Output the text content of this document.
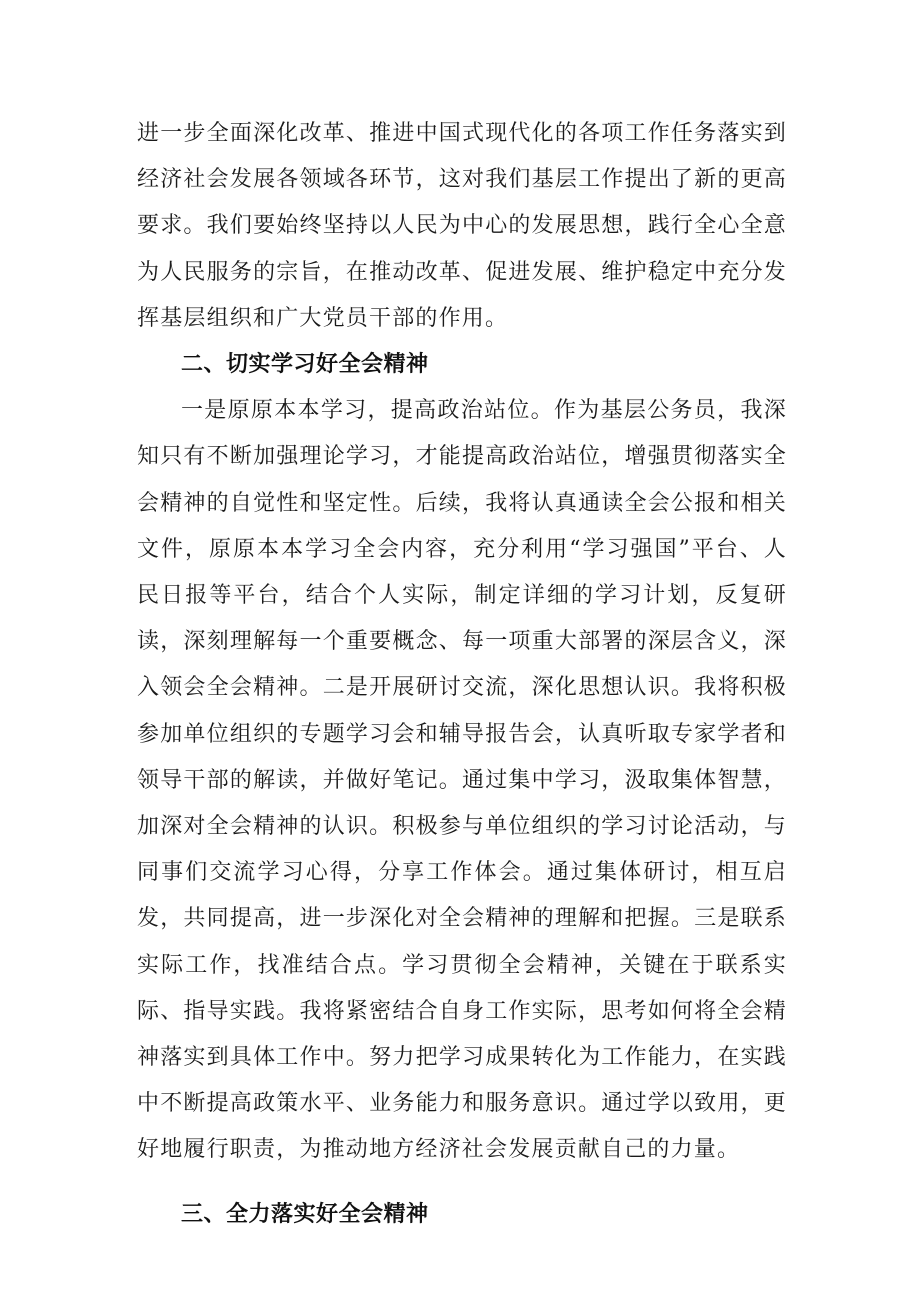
进一步全面深化改革、推进中国式现代化的各项工作任务落实到经济社会发展各领域各环节，这对我们基层工作提出了新的更高要求。我们要始终坚持以人民为中心的发展思想，践行全心全意为人民服务的宗旨，在推动改革、促进发展、维护稳定中充分发挥基层组织和广大党员干部的作用。

二、切实学习好全会精神

一是原原本本学习，提高政治站位。作为基层公务员，我深知只有不断加强理论学习，才能提高政治站位，增强贯彻落实全会精神的自觉性和坚定性。后续，我将认真通读全会公报和相关文件，原原本本学习全会内容，充分利用“学习强国”平台、人民日报等平台，结合个人实际，制定详细的学习计划，反复研读，深刻理解每一个重要概念、每一项重大部署的深层含义，深入领会全会精神。二是开展研讨交流，深化思想认识。我将积极参加单位组织的专题学习会和辅导报告会，认真听取专家学者和领导干部的解读，并做好笔记。通过集中学习，汲取集体智慧，加深对全会精神的认识。积极参与单位组织的学习讨论活动，与同事们交流学习心得，分享工作体会。通过集体研讨，相互启发，共同提高，进一步深化对全会精神的理解和把握。三是联系实际工作，找准结合点。学习贯彻全会精神，关键在于联系实际、指导实践。我将紧密结合自身工作实际，思考如何将全会精神落实到具体工作中。努力把学习成果转化为工作能力，在实践中不断提高政策水平、业务能力和服务意识。通过学以致用，更好地履行职责，为推动地方经济社会发展贡献自己的力量。

三、全力落实好全会精神
